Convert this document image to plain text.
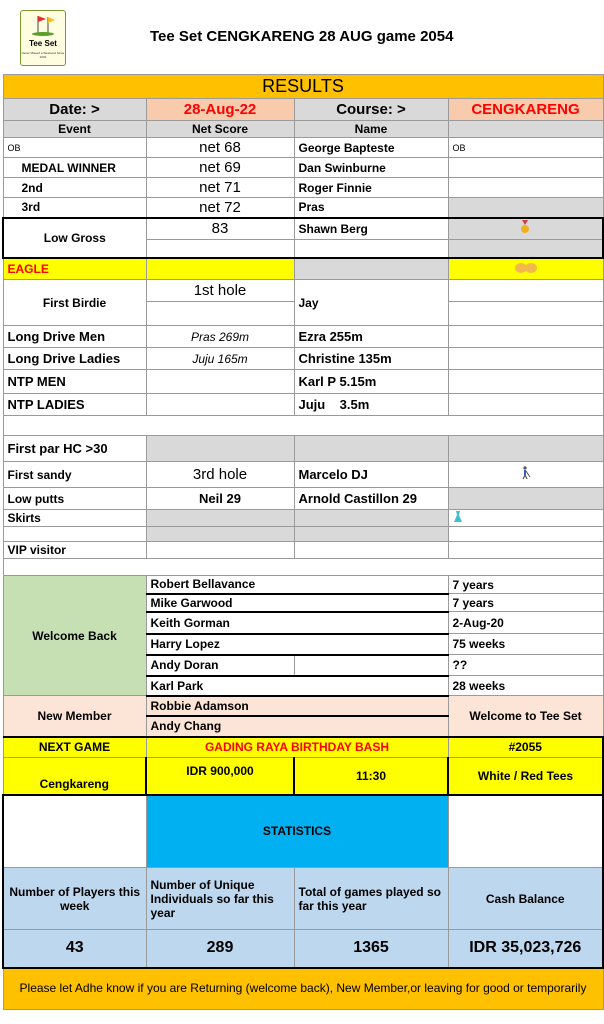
Tee Set
Never Missed a Weekend Since 2003
Tee Set CENGKARENG 28 AUG game 2054
RESULTS			
Date: >	28-Aug-22	Course: >	CENGKARENG
Event	Net Score	Name	
OB	net 68	George Bapteste	OB
MEDAL WINNER	net 69	Dan Swinburne	
2nd	net 71	Roger Finnie	
3rd	net 72	Pras	
Low Gross	83	Shawn Berg	

EAGLE			
First Birdie	1st hole	Jay	

Long Drive Men	Pras 269m	Ezra 255m	
Long Drive Ladies	Juju 165m	Christine 135m	
NTP MEN		Karl P 5.15m	
NTP LADIES		Juju    3.5m	

First par HC >30			
First sandy	3rd hole	Marcelo DJ	
Low putts	Neil 29	Arnold Castillon 29	
Skirts			

VIP visitor			

Welcome Back	Robert Bellavance		7 years
	Mike Garwood		7 years
	Keith Gorman		2-Aug-20
	Harry Lopez		75 weeks
	Andy Doran		??
	Karl Park		28 weeks
New Member	Robbie Adamson		Welcome to Tee Set
	Andy Chang		
NEXT GAME	GADING RAYA BIRTHDAY BASH		#2055
Cengkareng	IDR 900,000	11:30	White / Red Tees
	STATISTICS		
Number of Players this week	Number of Unique Individuals so far this year	Total of games played so far this year	Cash Balance
43	289	1365	IDR 35,023,726
Please let Adhe know if you are Returning (welcome back), New Member,or leaving for good or temporarily			
